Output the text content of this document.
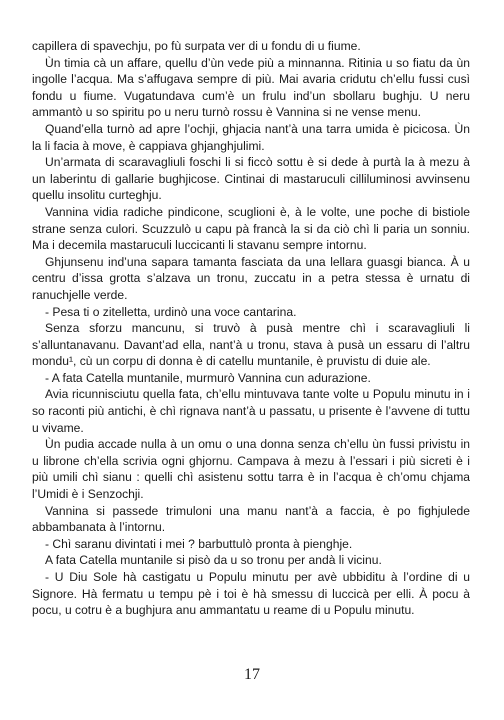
capillera di spavechju, po fù surpata ver di u fondu di u fiume.

Ùn timia cà un affare, quellu d’ùn vede più a minnanna. Ritinia u so fiatu da ùn ingolle l’acqua. Ma s’affugava sempre di più. Mai avaria cridutu ch’ellu fussi cusì fondu u fiume. Vugatundava cum’è un frulu ind’un sbollaru bughju. U neru ammantò u so spiritu po u neru turnò rossu è Vannina si ne vense menu.

Quand’ella turnò ad apre l’ochji, ghjacia nant’à una tarra umida è picicosa. Ùn la li facia à move, è cappiava ghjanghjulimi.

Un’armata di scaravagliuli foschi li si ficcò sottu è si dede à purtà la à mezu à un laberintu di gallarie bughjicose. Cintinai di mastaruculi cilliluminosi avvinsenu quellu insolitu curteghju.

Vannina vidia radiche pindicone, scuglioni è, à le volte, une poche di bistiole strane senza culori. Scuzzulò u capu pà francà la si da ciò chì li paria un sonniu. Ma i decemila mastaruculi luccicanti li stavanu sempre intornu.

Ghjunsenu ind’una sapara tamanta fasciata da una lellara guasgi bianca. À u centru d’issa grotta s’alzava un tronu, zuccatu in a petra stessa è urnatu di ranuchjelle verde.

- Pesa ti o zitelletta, urdinò una voce cantarina.

Senza sforzu mancunu, si truvò à pusà mentre chì i scaravagliuli li s’alluntanavanu. Davant’ad ella, nant’à u tronu, stava à pusà un essaru di l’altru mondu¹, cù un corpu di donna è di catellu muntanile, è pruvistu di duie ale.

- A fata Catella muntanile, murmurò Vannina cun adurazione.

Avia ricunnisciutu quella fata, ch’ellu mintuvava tante volte u Populu minutu in i so raconti più antichi, è chì rignava nant’à u passatu, u prisente è l’avvene di tuttu u vivame.

Ùn pudia accade nulla à un omu o una donna senza ch’ellu ùn fussi privistu in u librone ch’ella scrivia ogni ghjornu. Campava à mezu à l’essari i più sicreti è i più umili chì sianu : quelli chì asistenu sottu tarra è in l’acqua è ch’omu chjama l’Umidi è i Senzochji.

Vannina si passede trimuloni una manu nant’à a faccia, è po fighjulede abbambanata à l’intornu.

- Chì saranu divintati i mei ? barbuttulò pronta à pienghje.

A fata Catella muntanile si pisò da u so tronu per andà li vicinu.

- U Diu Sole hà castigatu u Populu minutu per avè ubbiditu à l’ordine di u Signore. Hà fermatu u tempu pè i toi è hà smessu di luccicà per elli. À pocu à pocu, u cotru è a bughjura anu ammantatu u reame di u Populu minutu.

17
